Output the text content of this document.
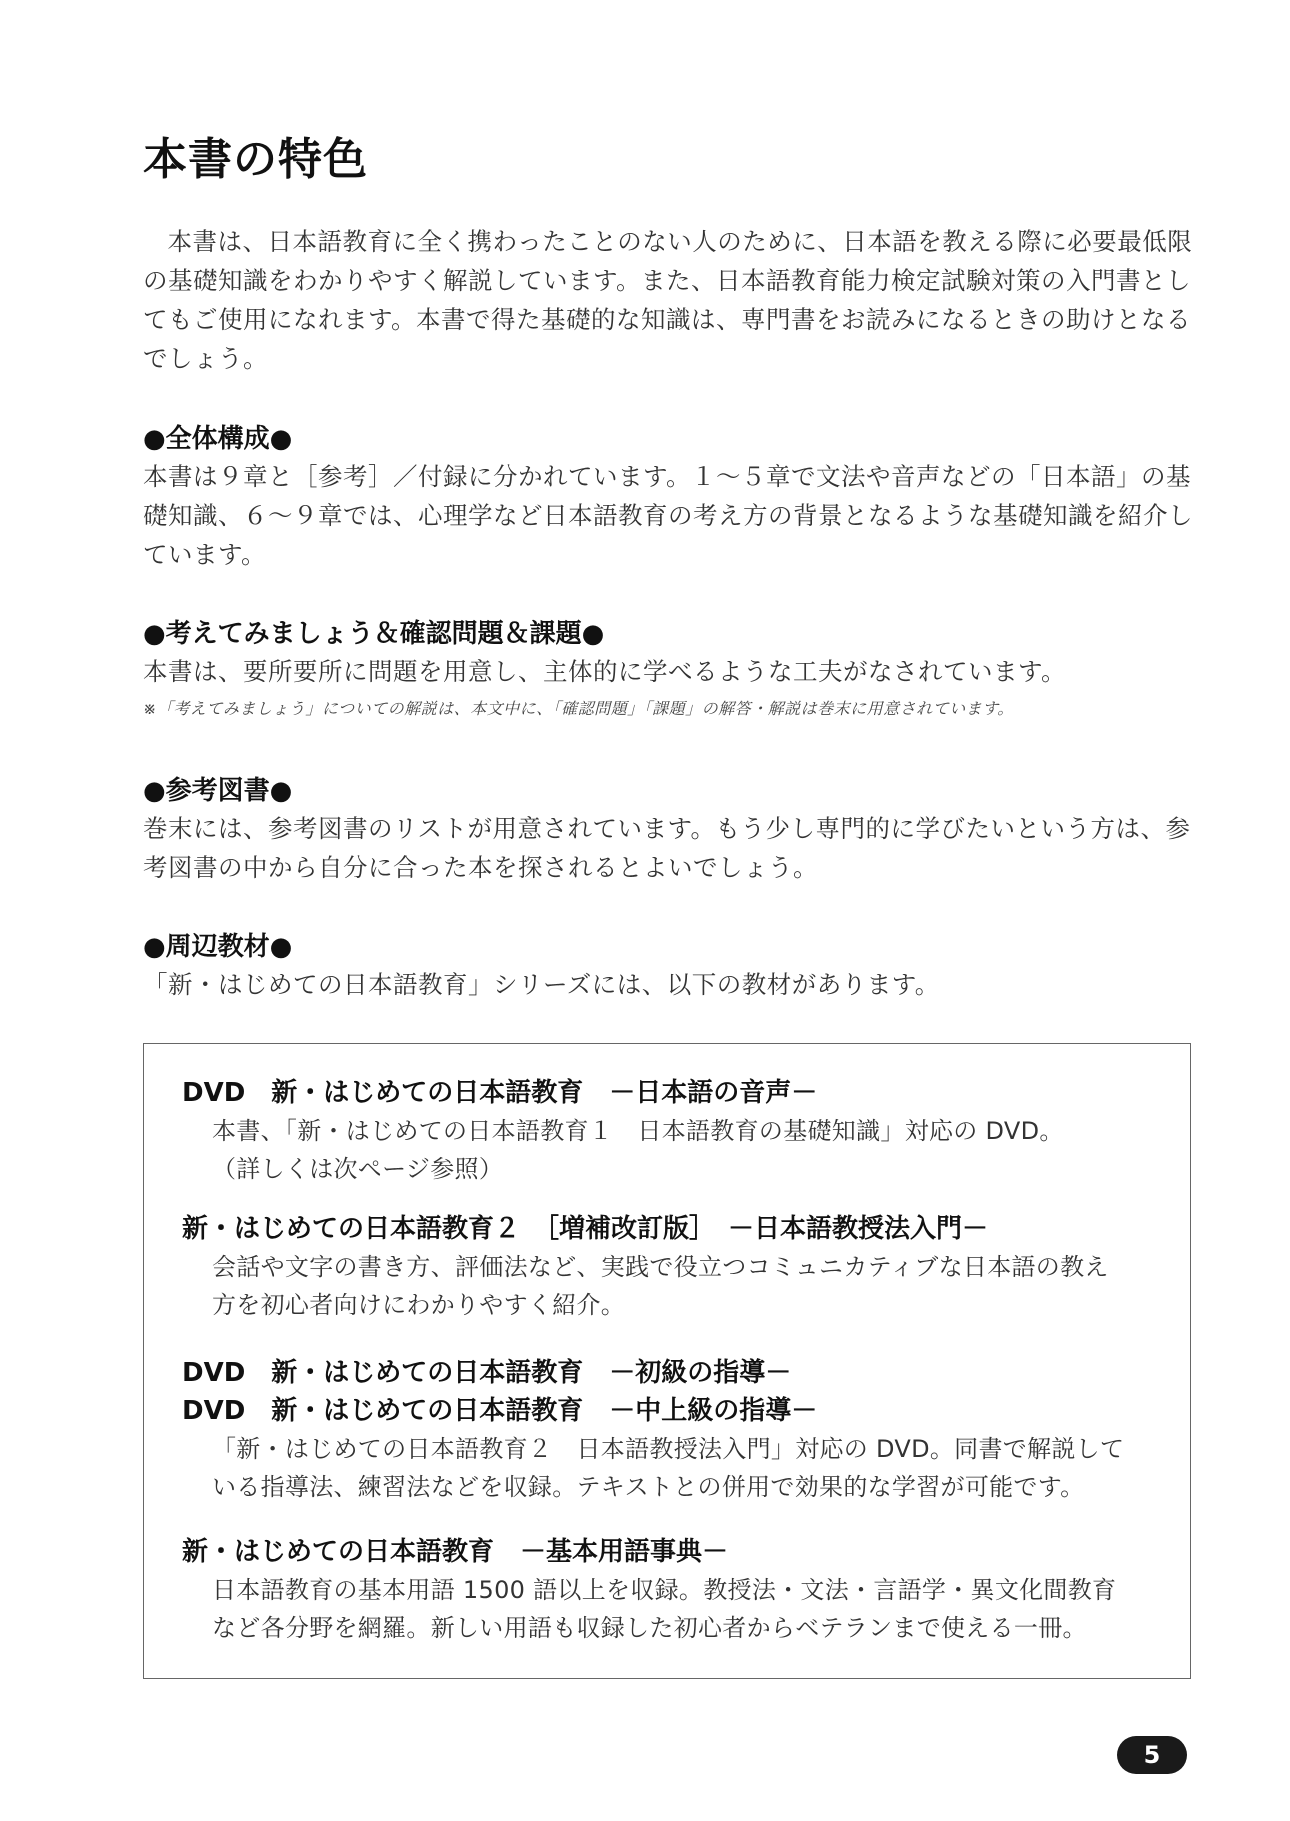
本書の特色

本書は、日本語教育に全く携わったことのない人のために、日本語を教える際に必要最低限の基礎知識をわかりやすく解説しています。また、日本語教育能力検定試験対策の入門書としてもご使用になれます。本書で得た基礎的な知識は、専門書をお読みになるときの助けとなるでしょう。

●全体構成●

本書は９章と［参考］／付録に分かれています。１～５章で文法や音声などの「日本語」の基礎知識、６～９章では、心理学など日本語教育の考え方の背景となるような基礎知識を紹介しています。

●考えてみましょう＆確認問題＆課題●

本書は、要所要所に問題を用意し、主体的に学べるような工夫がなされています。

※「考えてみましょう」についての解説は、本文中に、「確認問題」「課題」の解答・解説は巻末に用意されています。

●参考図書●

巻末には、参考図書のリストが用意されています。もう少し専門的に学びたいという方は、参考図書の中から自分に合った本を探されるとよいでしょう。

●周辺教材●

「新・はじめての日本語教育」シリーズには、以下の教材があります。

DVD　新・はじめての日本語教育　－日本語の音声－
本書、「新・はじめての日本語教育１　日本語教育の基礎知識」対応の DVD。
（詳しくは次ページ参照）
新・はじめての日本語教育２　［増補改訂版］　－日本語教授法入門－
会話や文字の書き方、評価法など、実践で役立つコミュニカティブな日本語の教え
方を初心者向けにわかりやすく紹介。
DVD　新・はじめての日本語教育　－初級の指導－
DVD　新・はじめての日本語教育　－中上級の指導－
「新・はじめての日本語教育２　日本語教授法入門」対応の DVD。同書で解説して
いる指導法、練習法などを収録。テキストとの併用で効果的な学習が可能です。
新・はじめての日本語教育　－基本用語事典－
日本語教育の基本用語 1500 語以上を収録。教授法・文法・言語学・異文化間教育
など各分野を網羅。新しい用語も収録した初心者からベテランまで使える一冊。
5
